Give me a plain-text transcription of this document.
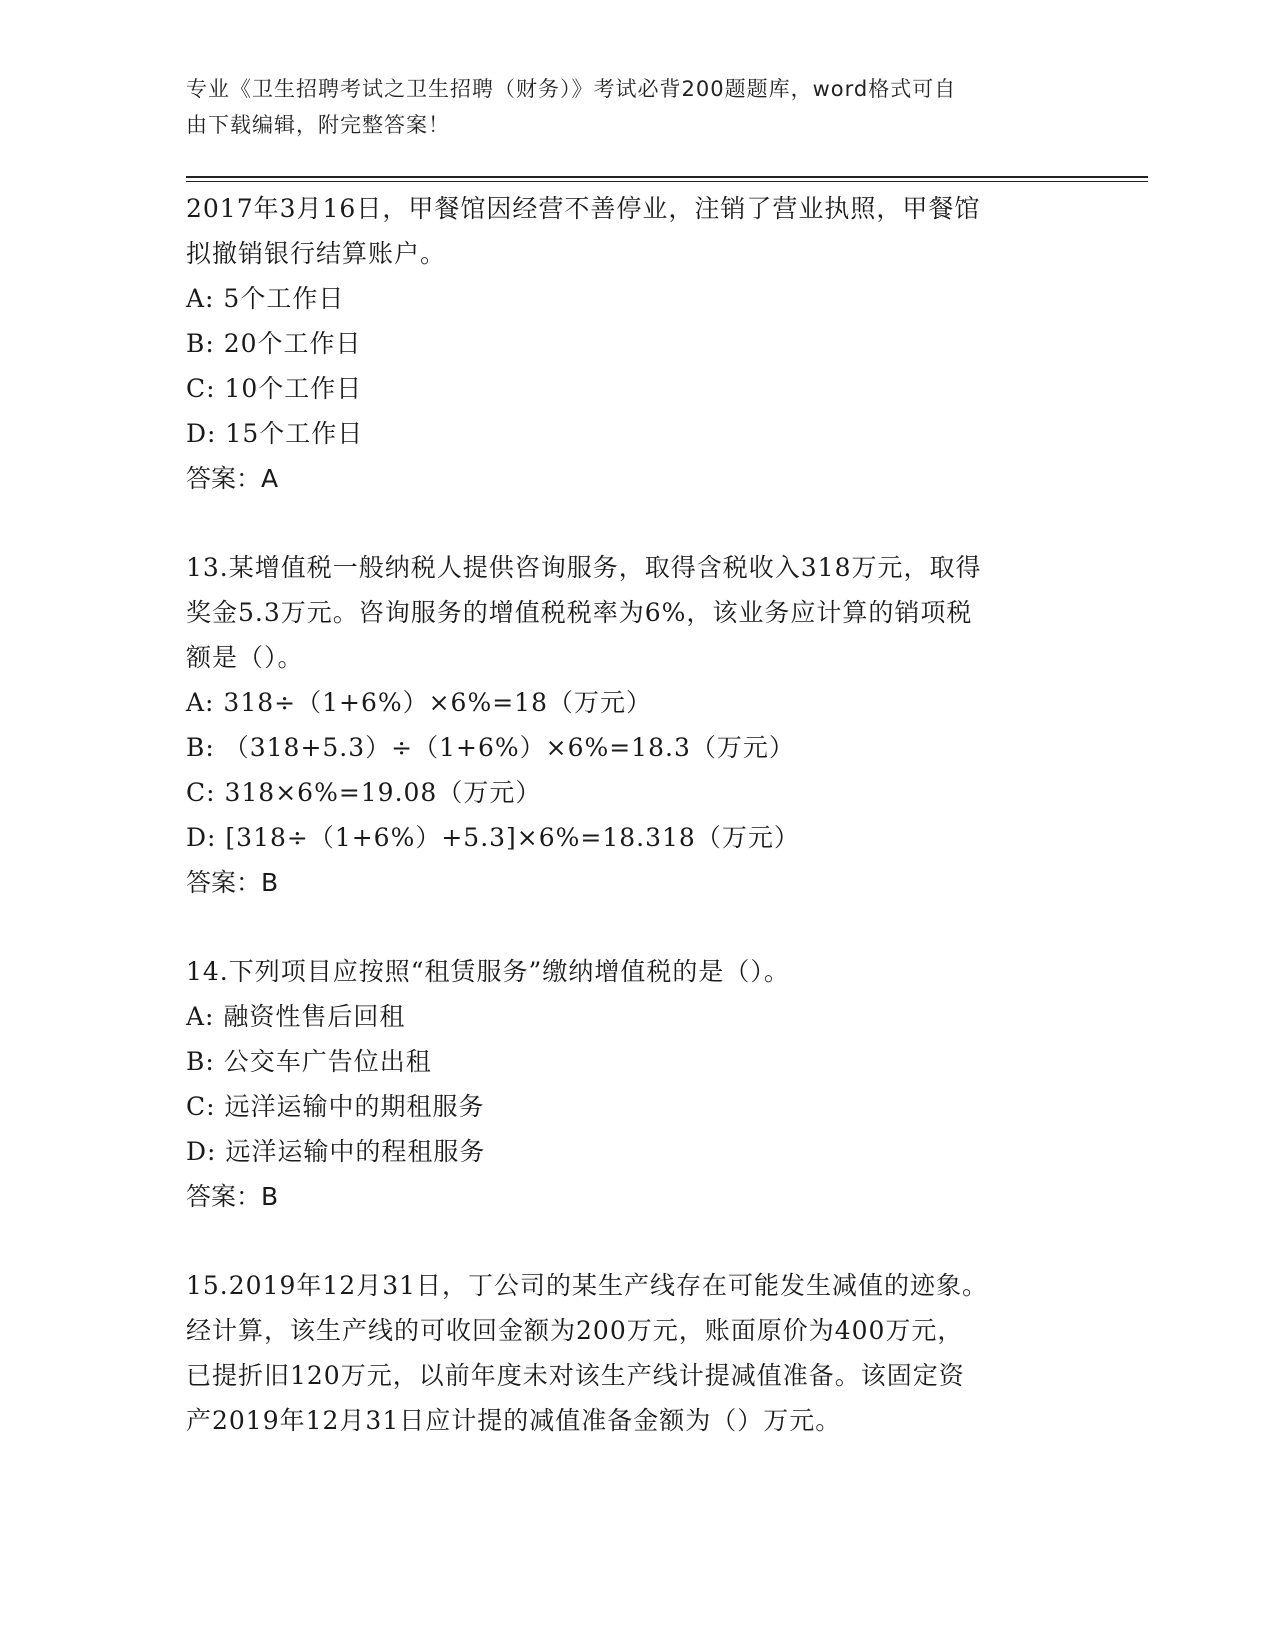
专业《卫生招聘考试之卫生招聘（财务）》考试必背200题题库，word格式可自
由下载编辑，附完整答案！
2017年3月16日，甲餐馆因经营不善停业，注销了营业执照，甲餐馆
拟撤销银行结算账户。
A: 5个工作日
B: 20个工作日
C: 10个工作日
D: 15个工作日
答案：A
13.某增值税一般纳税人提供咨询服务，取得含税收入318万元，取得
奖金5.3万元。咨询服务的增值税税率为6%，该业务应计算的销项税
额是（）。
A: 318÷（1+6%）×6%=18（万元）
B: （318+5.3）÷（1+6%）×6%=18.3（万元）
C: 318×6%=19.08（万元）
D: [318÷（1+6%）+5.3]×6%=18.318（万元）
答案：B
14.下列项目应按照“租赁服务”缴纳增值税的是（）。
A: 融资性售后回租
B: 公交车广告位出租
C: 远洋运输中的期租服务
D: 远洋运输中的程租服务
答案：B
15.2019年12月31日，丁公司的某生产线存在可能发生减值的迹象。
经计算，该生产线的可收回金额为200万元，账面原价为400万元，
已提折旧120万元，以前年度未对该生产线计提减值准备。该固定资
产2019年12月31日应计提的减值准备金额为（）万元。
